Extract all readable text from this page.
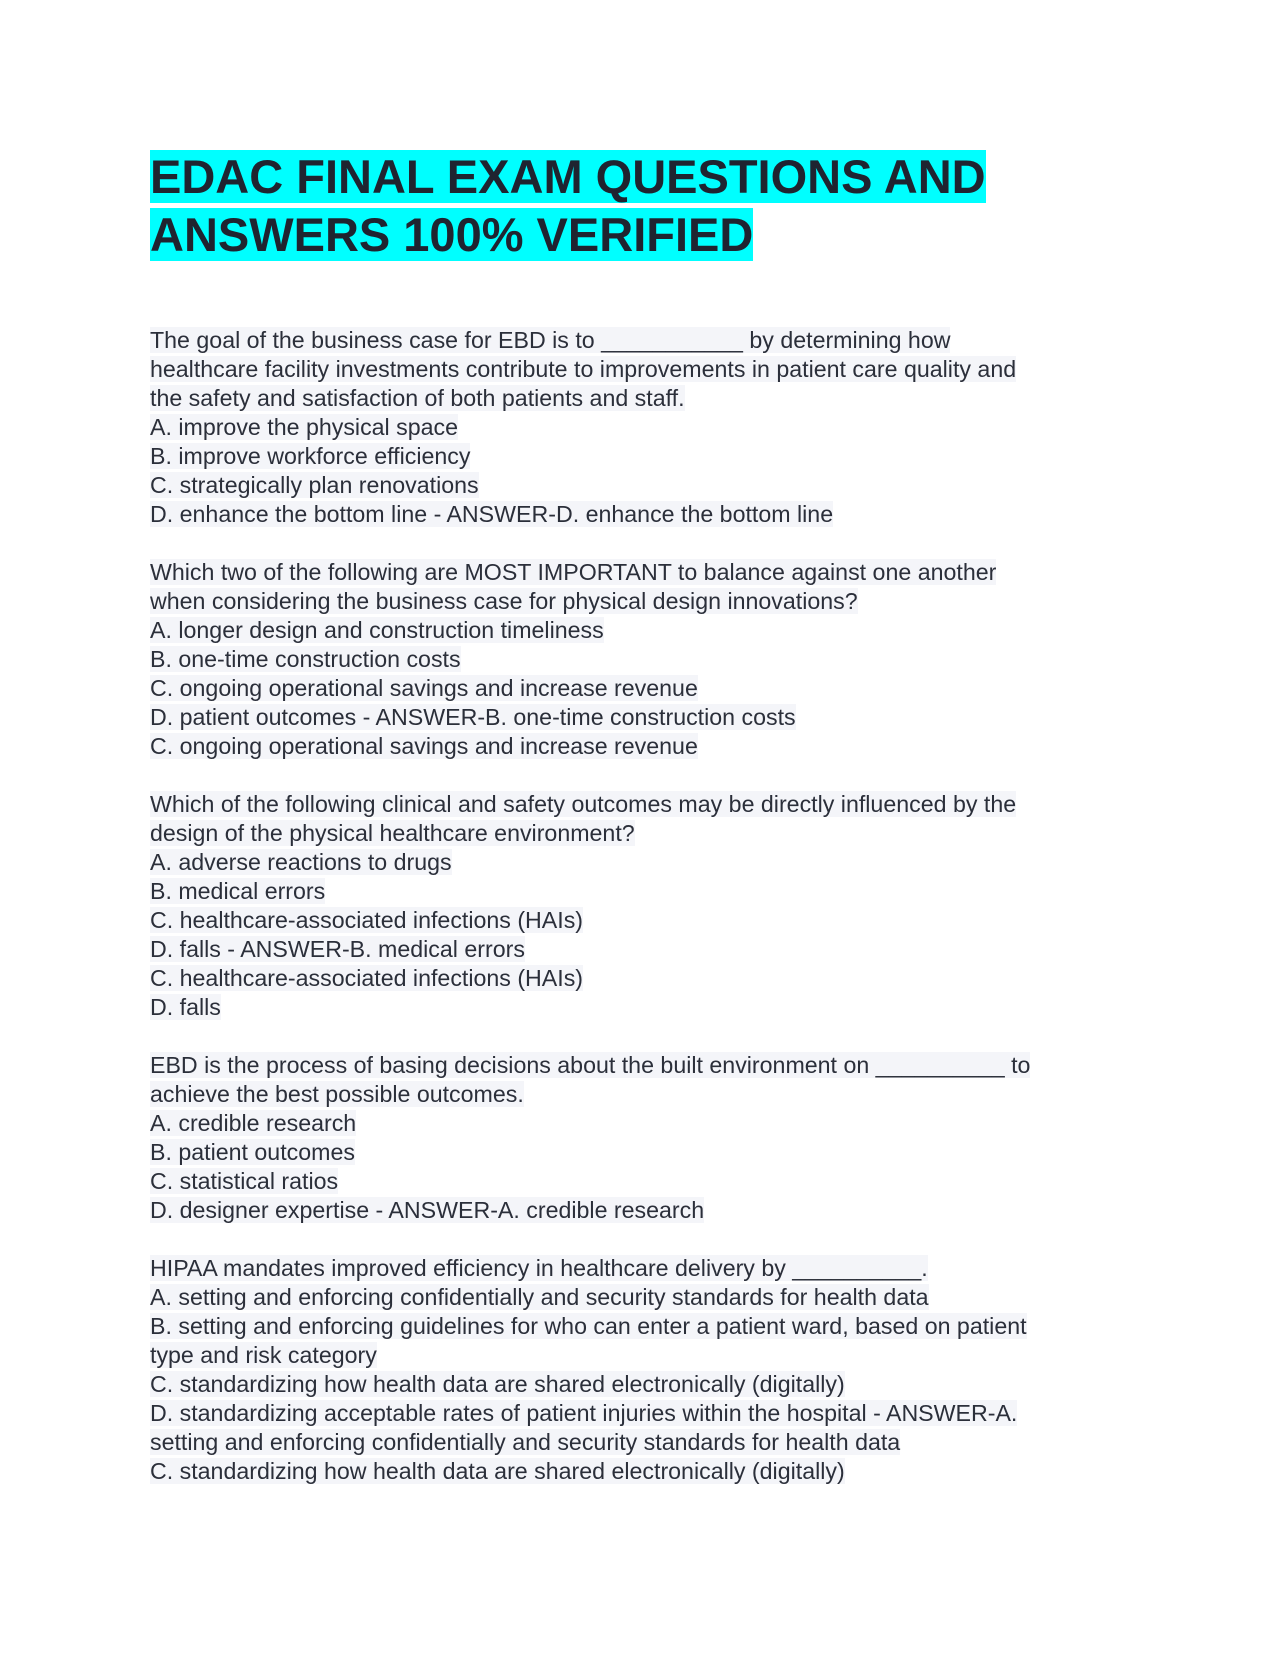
EDAC FINAL EXAM QUESTIONS AND
ANSWERS 100% VERIFIED
The goal of the business case for EBD is to ___________ by determining how
healthcare facility investments contribute to improvements in patient care quality and
the safety and satisfaction of both patients and staff.
A. improve the physical space
B. improve workforce efficiency
C. strategically plan renovations
D. enhance the bottom line - ANSWER-D. enhance the bottom line
Which two of the following are MOST IMPORTANT to balance against one another
when considering the business case for physical design innovations?
A. longer design and construction timeliness
B. one-time construction costs
C. ongoing operational savings and increase revenue
D. patient outcomes - ANSWER-B. one-time construction costs
C. ongoing operational savings and increase revenue
Which of the following clinical and safety outcomes may be directly influenced by the
design of the physical healthcare environment?
A. adverse reactions to drugs
B. medical errors
C. healthcare-associated infections (HAIs)
D. falls - ANSWER-B. medical errors
C. healthcare-associated infections (HAIs)
D. falls
EBD is the process of basing decisions about the built environment on __________ to
achieve the best possible outcomes.
A. credible research
B. patient outcomes
C. statistical ratios
D. designer expertise - ANSWER-A. credible research
HIPAA mandates improved efficiency in healthcare delivery by __________.
A. setting and enforcing confidentially and security standards for health data
B. setting and enforcing guidelines for who can enter a patient ward, based on patient
type and risk category
C. standardizing how health data are shared electronically (digitally)
D. standardizing acceptable rates of patient injuries within the hospital - ANSWER-A.
setting and enforcing confidentially and security standards for health data
C. standardizing how health data are shared electronically (digitally)
